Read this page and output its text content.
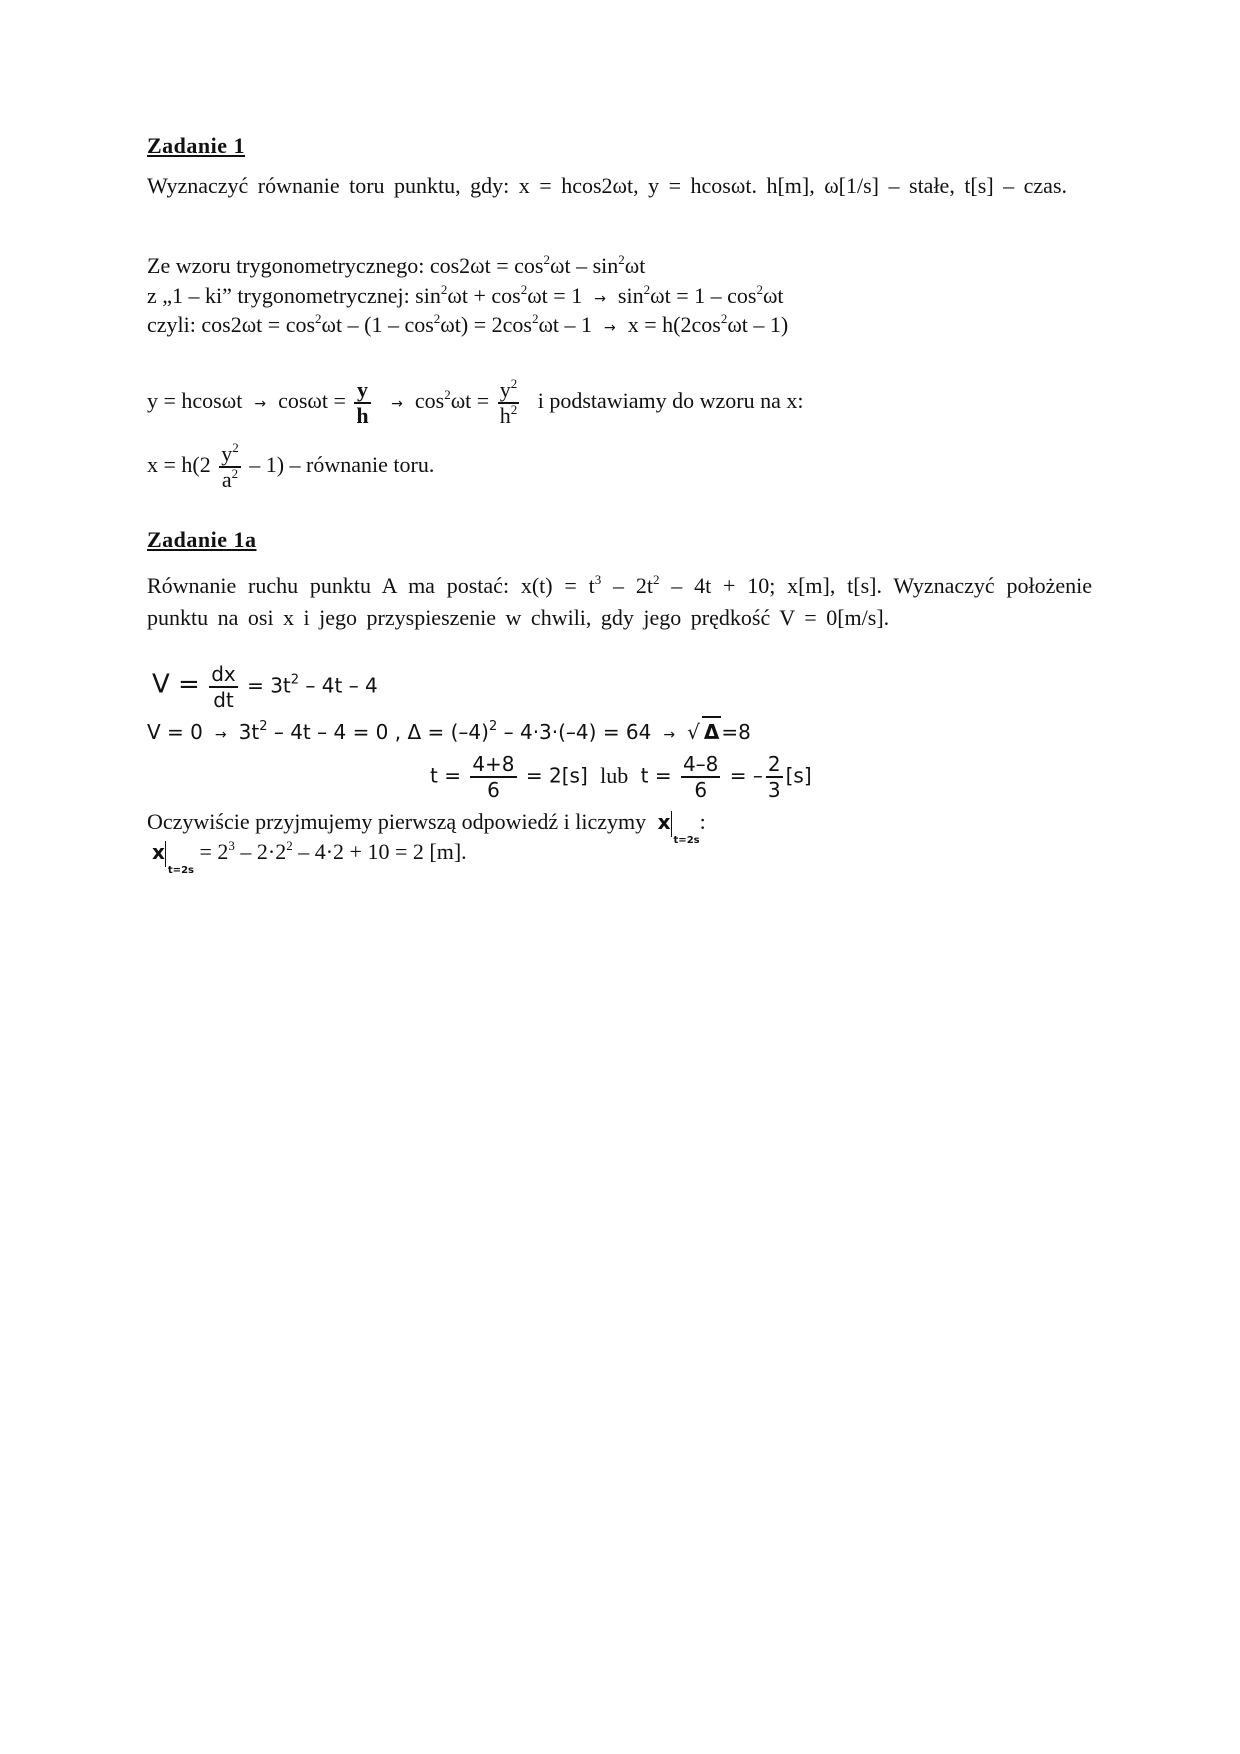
Zadanie 1
Wyznaczyć równanie toru punktu, gdy: x = hcos2ωt, y = hcosωt. h[m], ω[1/s] – stałe, t[s] – czas.
Ze wzoru trygonometrycznego: $\cos 2\omega t = \cos^2\omega t - \sin^2\omega t$
z „1 – ki” trygonometrycznej: $\sin^2\omega t + \cos^2\omega t = 1 \to \sin^2\omega t = 1 - \cos^2\omega t$
czyli: $\cos 2\omega t = \cos^2\omega t - (1 - \cos^2\omega t) = 2\cos^2\omega t - 1 \to x = h(2\cos^2\omega t - 1)$
$y = hcos\omega t \to \cos\omega t = \frac{y}{h} \to \cos^2\omega t = \frac{y^2}{h^2}$ i podstawiamy do wzoru na x:
$x = h(2 \frac{y^2}{a^2} - 1)$ – równanie toru.
Zadanie 1a
Równanie ruchu punktu A ma postać: $x(t) = t^3 - 2t^2 - 4t + 10$; x[m], t[s]. Wyznaczyć położenie punktu na osi x i jego przyspieszenie w chwili, gdy jego prędkość V = 0[m/s].
$V = \frac{dx}{dt} = 3t^2 - 4t - 4$
$V = 0 \to 3t^2 - 4t - 4 = 0$ , $\Delta = (-4)^2 - 4\cdot 3\cdot(-4) = 64$ → √ Δ =8
$t = \frac{4+8}{6} = 2[s]$ lub $t = \frac{4-8}{6}$ = – $\frac{2}{3} [s]$
Oczywiście przyjmujemy pierwszą odpowiedź i liczymy $x_{t=2s}$:
$x_{t=2s} = 2^3 - 2\cdot 2^2 - 4\cdot 2 + 10 = 2$ [m].
